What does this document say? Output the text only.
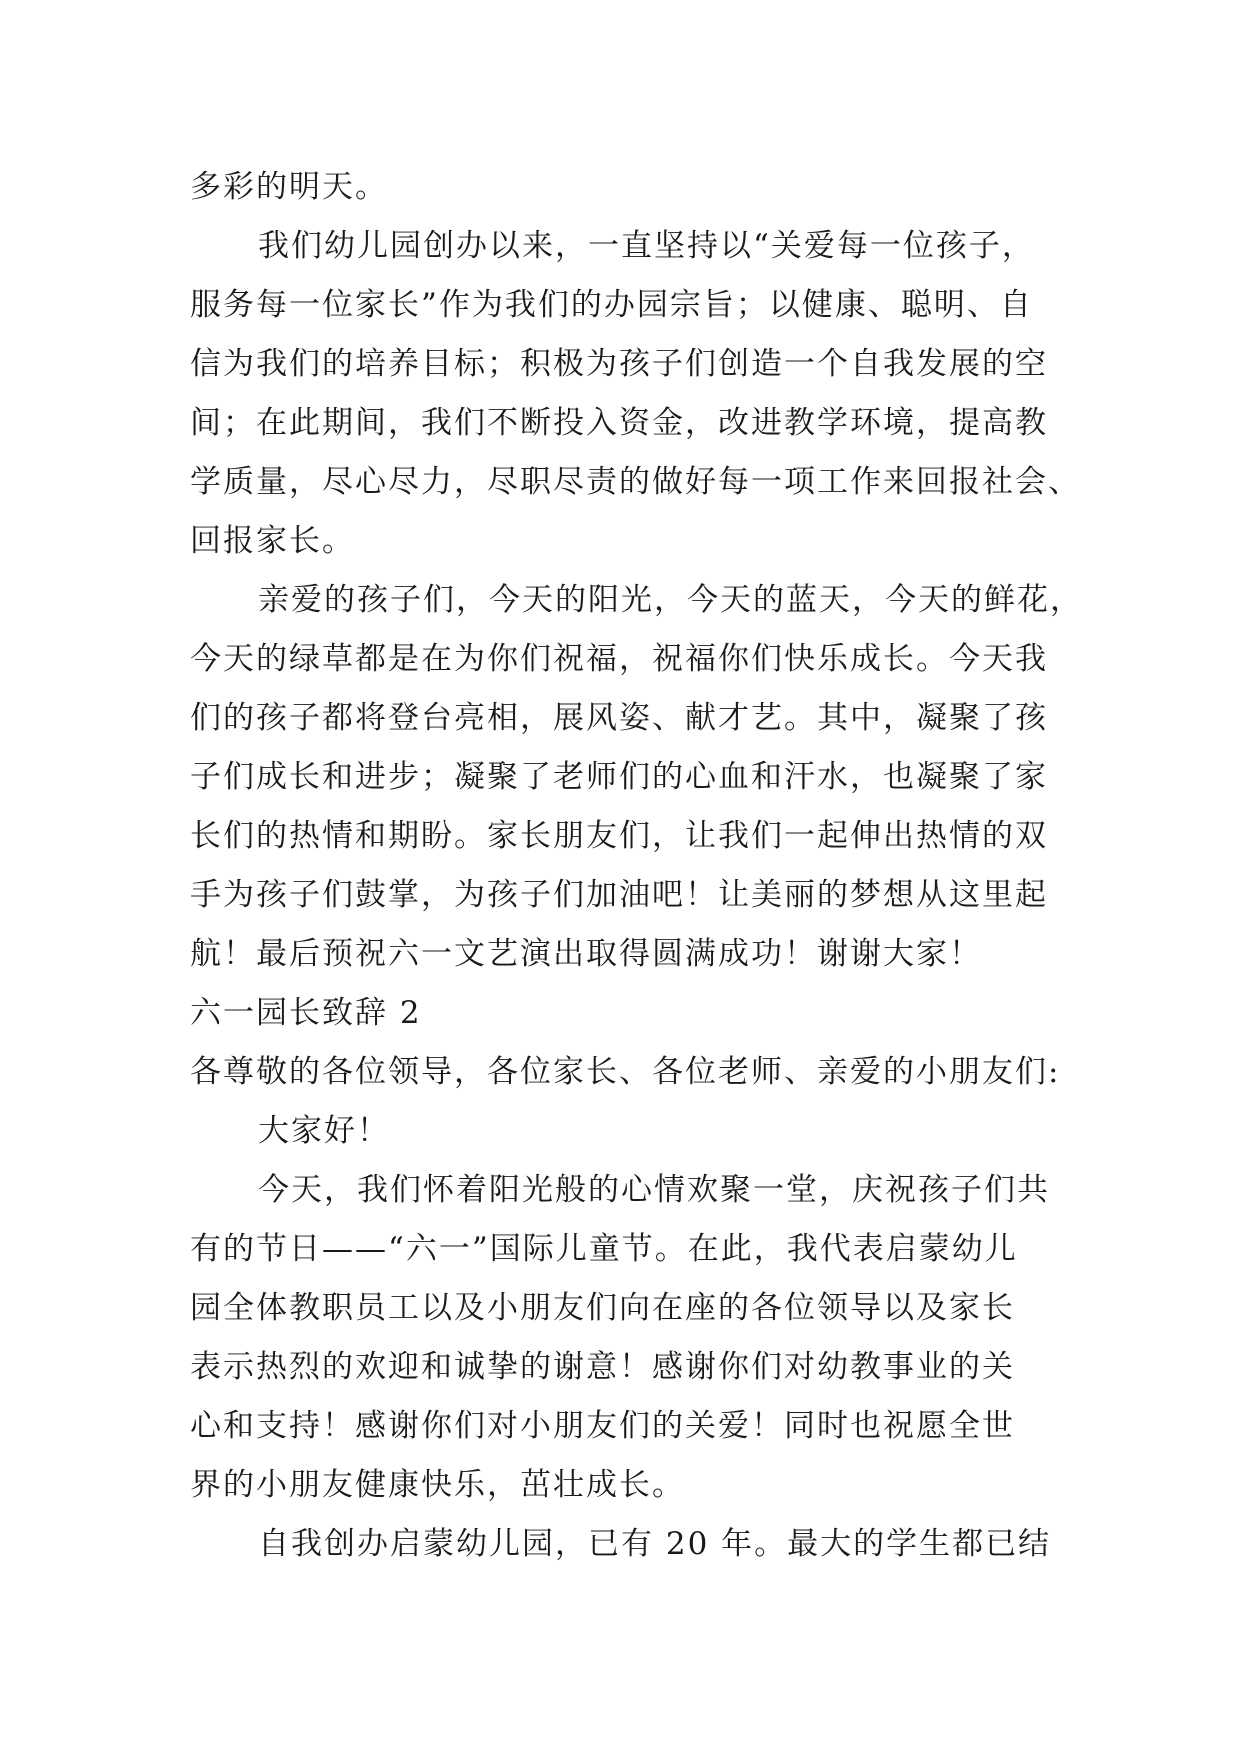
多彩的明天。
我们幼儿园创办以来，一直坚持以“关爱每一位孩子，
服务每一位家长”作为我们的办园宗旨；以健康、聪明、自
信为我们的培养目标；积极为孩子们创造一个自我发展的空
间；在此期间，我们不断投入资金，改进教学环境，提高教
学质量，尽心尽力，尽职尽责的做好每一项工作来回报社会、
回报家长。
亲爱的孩子们，今天的阳光，今天的蓝天，今天的鲜花，
今天的绿草都是在为你们祝福，祝福你们快乐成长。今天我
们的孩子都将登台亮相，展风姿、献才艺。其中，凝聚了孩
子们成长和进步；凝聚了老师们的心血和汗水，也凝聚了家
长们的热情和期盼。家长朋友们，让我们一起伸出热情的双
手为孩子们鼓掌，为孩子们加油吧！让美丽的梦想从这里起
航！最后预祝六一文艺演出取得圆满成功！谢谢大家！
六一园长致辞 2
各尊敬的各位领导，各位家长、各位老师、亲爱的小朋友们:
大家好！
今天，我们怀着阳光般的心情欢聚一堂，庆祝孩子们共
有的节日——“六一”国际儿童节。在此，我代表启蒙幼儿
园全体教职员工以及小朋友们向在座的各位领导以及家长
表示热烈的欢迎和诚挚的谢意！感谢你们对幼教事业的关
心和支持！感谢你们对小朋友们的关爱！同时也祝愿全世
界的小朋友健康快乐，茁壮成长。
自我创办启蒙幼儿园，已有 20 年。最大的学生都已结
